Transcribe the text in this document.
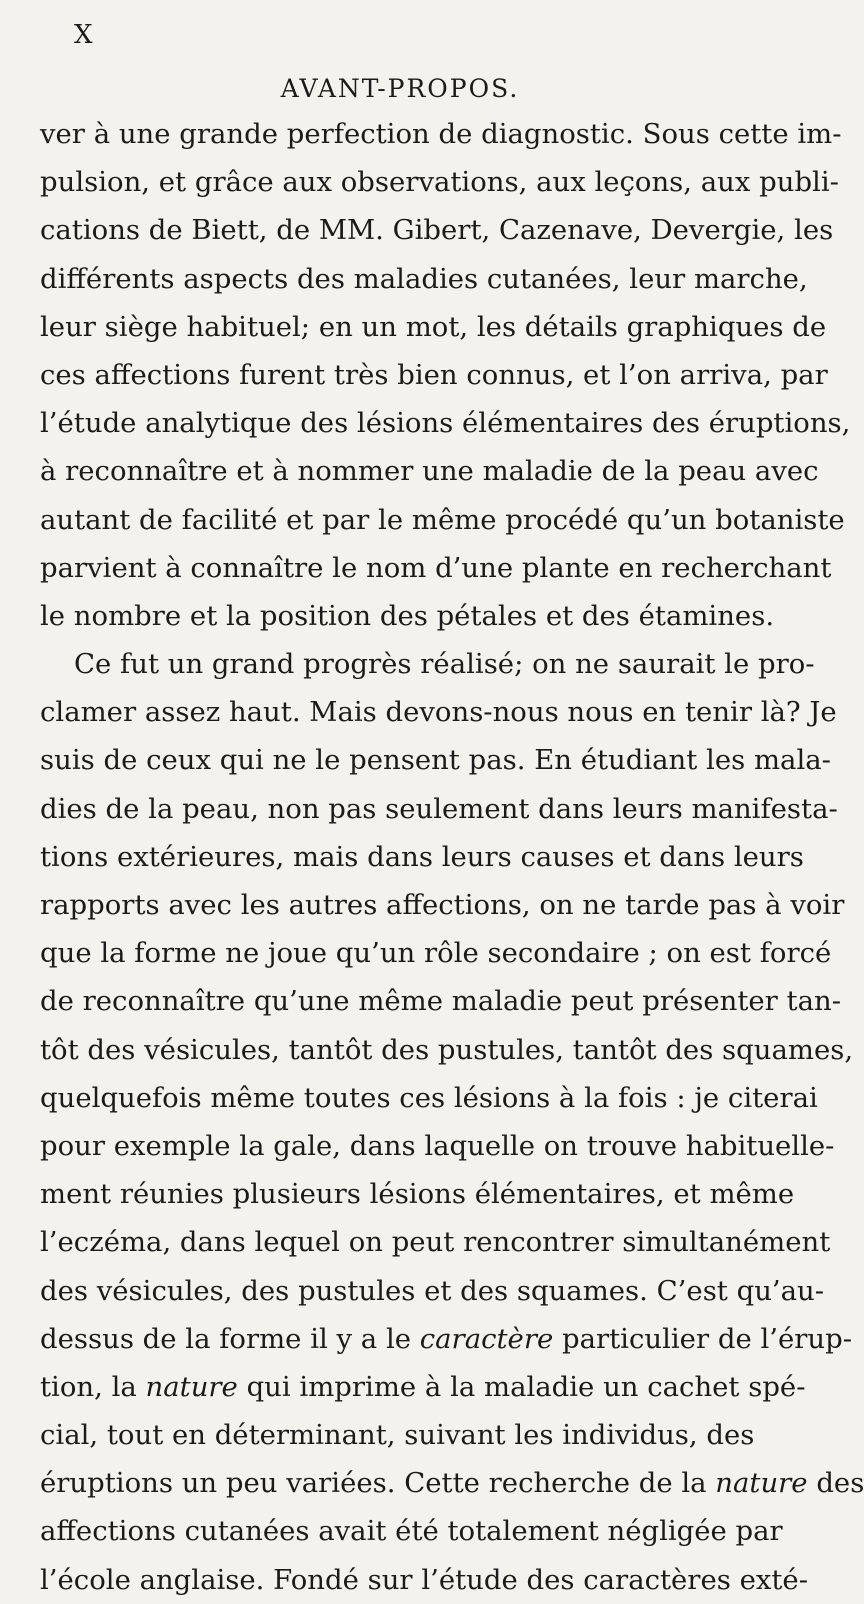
X
AVANT-PROPOS.
ver à une grande perfection de diagnostic. Sous cette im-
pulsion, et grâce aux observations, aux leçons, aux publi-
cations de Biett, de MM. Gibert, Cazenave, Devergie, les
différents aspects des maladies cutanées, leur marche,
leur siège habituel; en un mot, les détails graphiques de
ces affections furent très bien connus, et l’on arriva, par
l’étude analytique des lésions élémentaires des éruptions,
à reconnaître et à nommer une maladie de la peau avec
autant de facilité et par le même procédé qu’un botaniste
parvient à connaître le nom d’une plante en recherchant
le nombre et la position des pétales et des étamines.
Ce fut un grand progrès réalisé; on ne saurait le pro-
clamer assez haut. Mais devons-nous nous en tenir là? Je
suis de ceux qui ne le pensent pas. En étudiant les mala-
dies de la peau, non pas seulement dans leurs manifesta-
tions extérieures, mais dans leurs causes et dans leurs
rapports avec les autres affections, on ne tarde pas à voir
que la forme ne joue qu’un rôle secondaire ; on est forcé
de reconnaître qu’une même maladie peut présenter tan-
tôt des vésicules, tantôt des pustules, tantôt des squames,
quelquefois même toutes ces lésions à la fois : je citerai
pour exemple la gale, dans laquelle on trouve habituelle-
ment réunies plusieurs lésions élémentaires, et même
l’eczéma, dans lequel on peut rencontrer simultanément
des vésicules, des pustules et des squames. C’est qu’au-
dessus de la forme il y a le caractère particulier de l’érup-
tion, la nature qui imprime à la maladie un cachet spé-
cial, tout en déterminant, suivant les individus, des
éruptions un peu variées. Cette recherche de la nature des
affections cutanées avait été totalement négligée par
l’école anglaise. Fondé sur l’étude des caractères exté-
